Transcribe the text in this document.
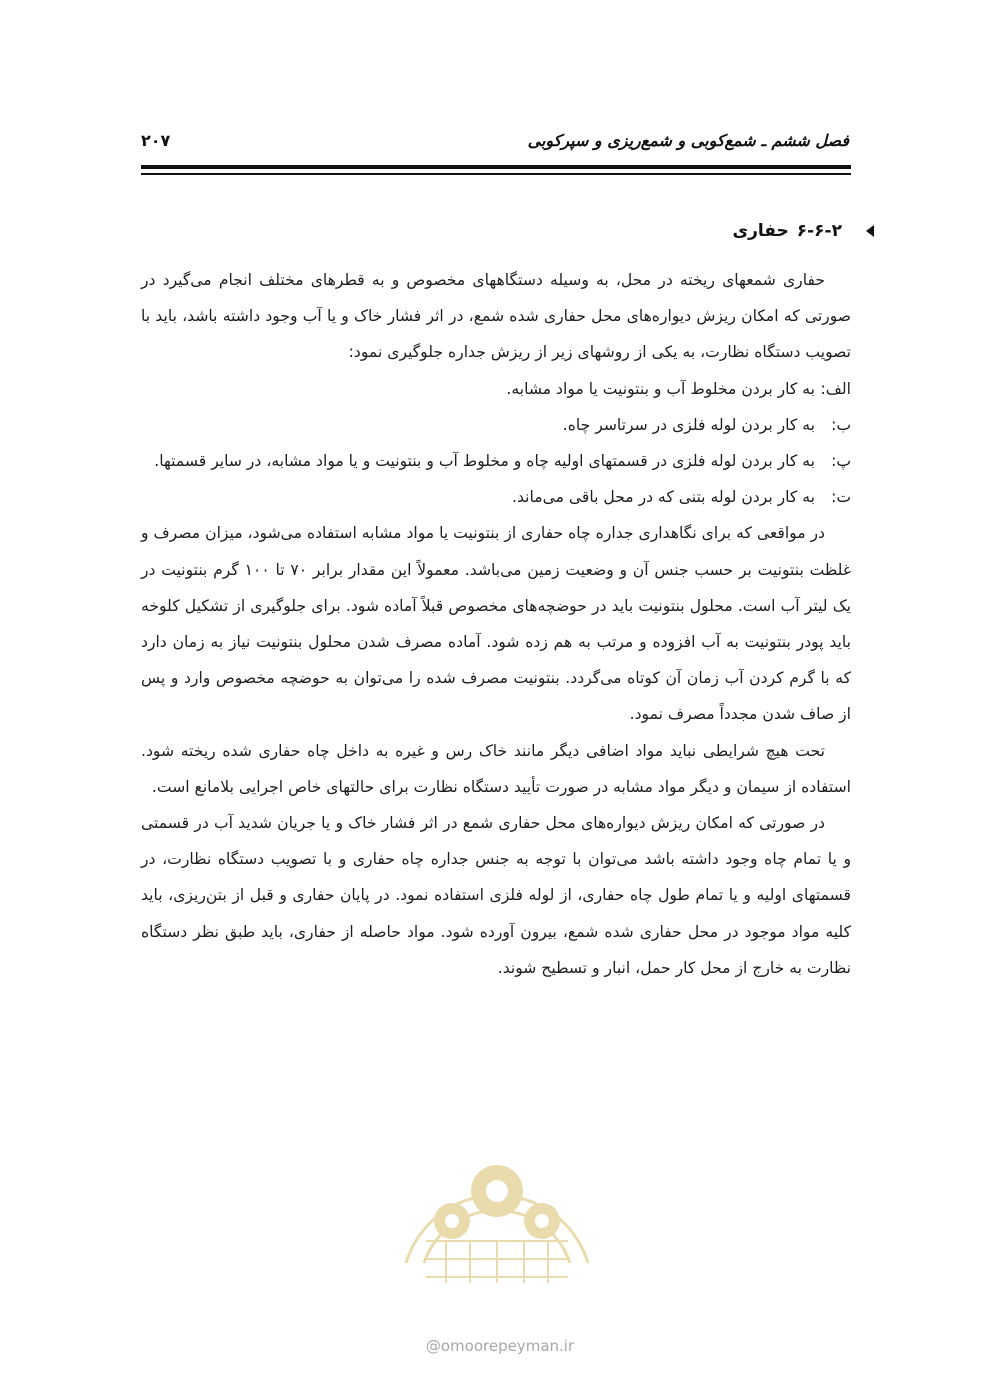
فصل ششم ـ شمع‌کوبی و شمع‌ریزی و سپرکوبی
۲۰۷
۶-۶-۲
حفاری

حفاری شمعهای ریخته در محل، به وسیله دستگاههای مخصوص و به قطرهای مختلف انجام می‌گیرد در صورتی که امکان ریزش دیواره‌های محل حفاری شده شمع، در اثر فشار خاک و یا آب وجود داشته باشد، باید با تصویب دستگاه نظارت، به یکی از روشهای زیر از ریزش جداره جلوگیری نمود:

الف:
به کار بردن مخلوط آب و بنتونیت یا مواد مشابه.
ب:
به کار بردن لوله فلزی در سرتاسر چاه.
پ:
به کار بردن لوله فلزی در قسمتهای اولیه چاه و مخلوط آب و بنتونیت و یا مواد مشابه، در سایر قسمتها.
ت:
به کار بردن لوله بتنی که در محل باقی می‌ماند.

در مواقعی که برای نگاهداری جداره چاه حفاری از بنتونیت یا مواد مشابه استفاده می‌شود، میزان مصرف و غلظت بنتونیت بر حسب جنس آن و وضعیت زمین می‌باشد. معمولاً این مقدار برابر ۷۰ تا ۱۰۰ گرم بنتونیت در یک لیتر آب است. محلول بنتونیت باید در حوضچه‌های مخصوص قبلاً آماده شود. برای جلوگیری از تشکیل کلوخه باید پودر بنتونیت به آب افزوده و مرتب به هم زده شود. آماده مصرف شدن محلول بنتونیت نیاز به زمان دارد که با گرم کردن آب زمان آن کوتاه می‌گردد. بنتونیت مصرف شده را می‌توان به حوضچه مخصوص وارد و پس از صاف شدن مجدداً مصرف نمود.

تحت هیچ شرایطی نباید مواد اضافی دیگر مانند خاک رس و غیره به داخل چاه حفاری شده ریخته شود. استفاده از سیمان و دیگر مواد مشابه در صورت تأیید دستگاه نظارت برای حالتهای خاص اجرایی بلامانع است.

در صورتی که امکان ریزش دیواره‌های محل حفاری شمع در اثر فشار خاک و یا جریان شدید آب در قسمتی و یا تمام چاه وجود داشته باشد می‌توان با توجه به جنس جداره چاه حفاری و با تصویب دستگاه نظارت، در قسمتهای اولیه و یا تمام طول چاه حفاری، از لوله فلزی استفاده نمود. در پایان حفاری و قبل از بتن‌ریزی، باید کلیه مواد موجود در محل حفاری شده شمع، بیرون آورده شود. مواد حاصله از حفاری، باید طبق نظر دستگاه نظارت به خارج از محل کار حمل، انبار و تسطیح شوند.

@omoorepeyman.ir
